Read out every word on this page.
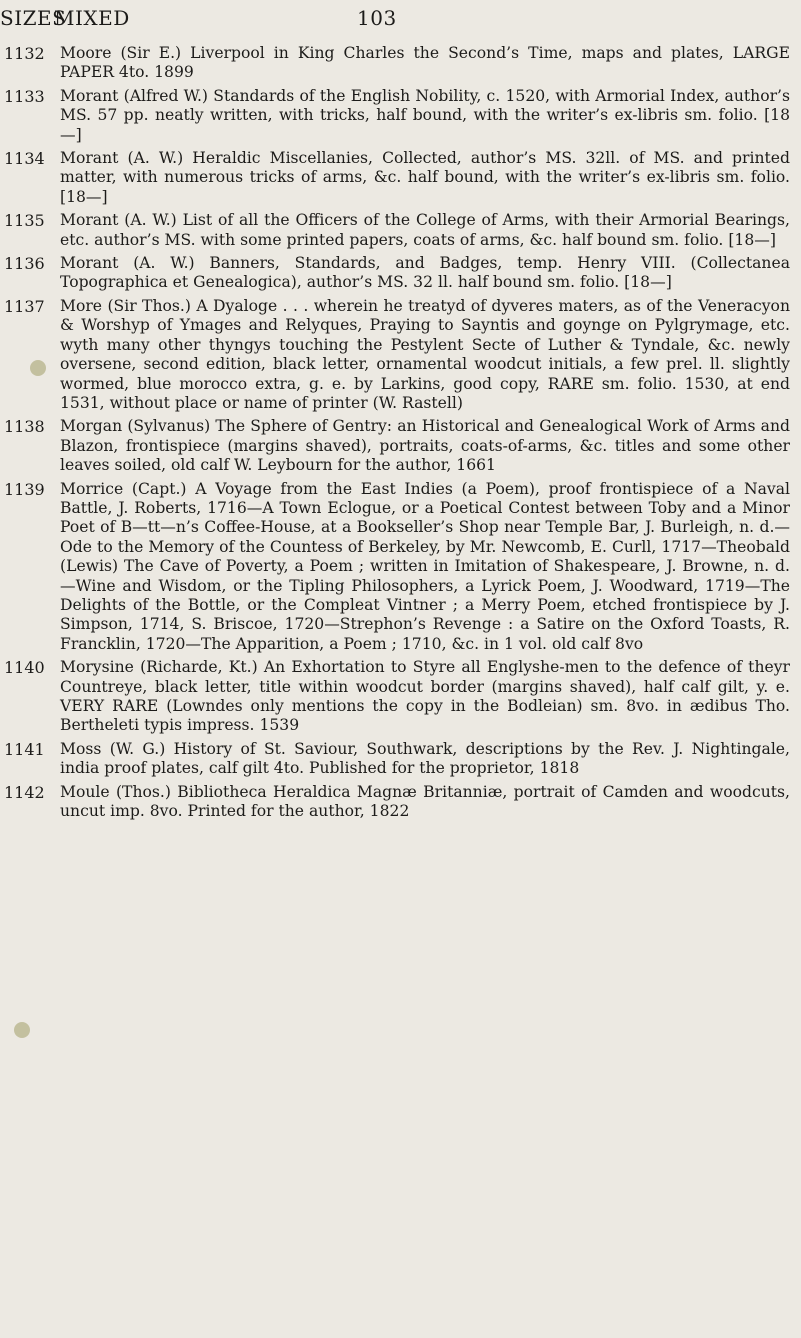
SIZES
MIXED	103
1132 Moore (Sir E.) Liverpool in King Charles the Second’s Time, maps and plates, LARGE PAPER 4to. 1899
1133 Morant (Alfred W.) Standards of the English Nobility, c. 1520, with Armorial Index, author’s MS. 57 pp. neatly written, with tricks, half bound, with the writer’s ex-libris sm. folio. [18—]
1134 Morant (A. W.) Heraldic Miscellanies, Collected, author’s MS. 32ll. of MS. and printed matter, with numerous tricks of arms, &c. half bound, with the writer’s ex-libris sm. folio. [18—]
1135 Morant (A. W.) List of all the Officers of the College of Arms, with their Armorial Bearings, etc. author’s MS. with some printed papers, coats of arms, &c. half bound sm. folio. [18—]
1136 Morant (A. W.) Banners, Standards, and Badges, temp. Henry VIII. (Collectanea Topographica et Genealogica), author’s MS. 32 ll. half bound sm. folio. [18—]
1137 More (Sir Thos.) A Dyaloge . . . wherein he treatyd of dyveres maters, as of the Veneracyon & Worshyp of Ymages and Relyques, Praying to Sayntis and goynge on Pylgrymage, etc. wyth many other thyngys touching the Pestylent Secte of Luther & Tyndale, &c. newly oversene, second edition, black letter, ornamental woodcut initials, a few prel. ll. slightly wormed, blue morocco extra, g. e. by Larkins, good copy, RARE sm. folio. 1530, at end 1531, without place or name of printer (W. Rastell)
1138 Morgan (Sylvanus) The Sphere of Gentry: an Historical and Genealogical Work of Arms and Blazon, frontispiece (margins shaved), portraits, coats-of-arms, &c. titles and some other leaves soiled, old calf W. Leybourn for the author, 1661
1139 Morrice (Capt.) A Voyage from the East Indies (a Poem), proof frontispiece of a Naval Battle, J. Roberts, 1716—A Town Eclogue, or a Poetical Contest between Toby and a Minor Poet of B—tt—n’s Coffee-House, at a Bookseller’s Shop near Temple Bar, J. Burleigh, n. d.—Ode to the Memory of the Countess of Berkeley, by Mr. Newcomb, E. Curll, 1717—Theobald (Lewis) The Cave of Poverty, a Poem ; written in Imitation of Shakespeare, J. Browne, n. d.—Wine and Wisdom, or the Tipling Philosophers, a Lyrick Poem, J. Woodward, 1719—The Delights of the Bottle, or the Compleat Vintner ; a Merry Poem, etched frontispiece by J. Simpson, 1714, S. Briscoe, 1720—Strephon’s Revenge : a Satire on the Oxford Toasts, R. Francklin, 1720—The Apparition, a Poem ; 1710, &c. in 1 vol. old calf 8vo
1140 Morysine (Richarde, Kt.) An Exhortation to Styre all Englyshe-men to the defence of theyr Countreye, black letter, title within woodcut border (margins shaved), half calf gilt, y. e. VERY RARE (Lowndes only mentions the copy in the Bodleian) sm. 8vo. in ædibus Tho. Bertheleti typis impress. 1539
1141 Moss (W. G.) History of St. Saviour, Southwark, descriptions by the Rev. J. Nightingale, india proof plates, calf gilt 4to. Published for the proprietor, 1818
1142 Moule (Thos.) Bibliotheca Heraldica Magnæ Britanniæ, portrait of Camden and woodcuts, uncut imp. 8vo. Printed for the author, 1822
